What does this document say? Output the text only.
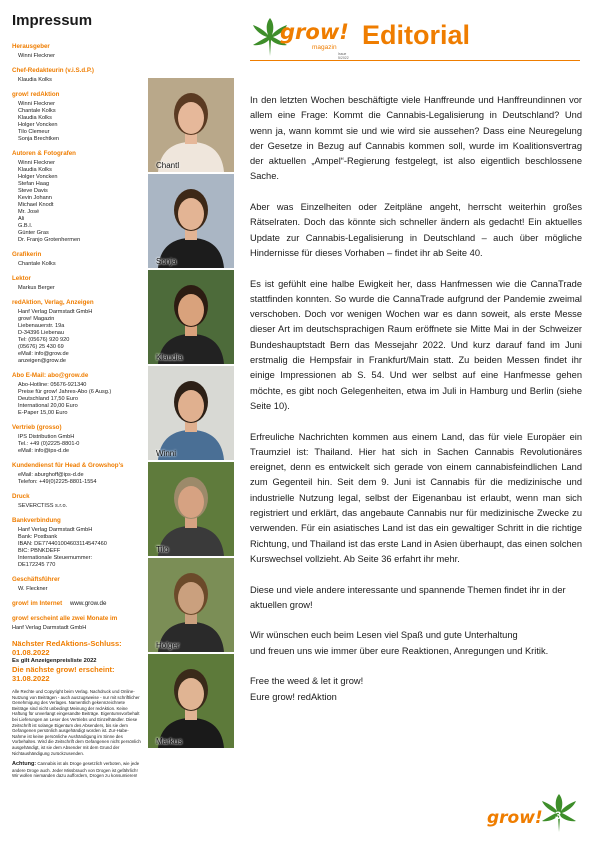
Impressum
Herausgeber
Winni Fleckner
Chef-Redakteurin (v.i.S.d.P.)
Klaudia Kolks
grow! redAktion
Winni Fleckner
Chantale Kolks
Klaudia Kolks
Holger Voncken
Tilo Clemeur
Sonja Brechtken
Autoren & Fotografen
Winni Fleckner
Klaudia Kolks
Holger Voncken
Stefan Haag
Steve Davis
Kevin Johann
Michael Knodt
Mr. José
Ali
G.B.I.
Günter Gras
Dr. Franjo Grotenhermen
Grafikerin
Chantale Kolks
Lektor
Markus Berger
redAktion, Verlag, Anzeigen
Hanf Verlag Darmstadt GmbH
grow! Magazin
Liebenauerstr. 19a
D-34396 Liebenau
Tel: (05676) 920 920
(05676) 25 430 69
eMail: info@grow.de
anzeigen@grow.de
Abo E-Mail: abo@grow.de
Abo-Hotline: 05676-921340
Preise für grow! Jahres-Abo (6 Ausg.)
Deutschland 17,50 Euro
International 20,00 Euro
E-Paper 15,00 Euro
Vertrieb (grosso)
IPS Distribution GmbH
Tel.: +49 (0)2225-8801-0
eMail: info@ips-d.de
Kundendienst für Head & Growshop's
eMail: aburghoff@ips-d.de
Telefon: +49(0)2225-8801-1554
Druck
SEVERCTISS s.r.o.
Bankverbindung
Hanf Verlag Darmstadt GmbH
Bank: Postbank
IBAN: DE774401004603114547460
BIC: PBNKDEFF
Internationale Steuernummer:
DE172245 770
Geschäftsführer
W. Fleckner
grow! im Internet www.grow.de
grow! erscheint alle zwei Monate im
Hanf Verlag Darmstadt GmbH
Nächster RedAktions-Schluss:
01.08.2022
Es gilt Anzeigenpreisliste 2022
Die nächste grow! erscheint:
31.08.2022
Alle Rechte und Copyright beim Verlag. Nachdruck und Online-Nutzung von Beiträgen - auch auszugsweise - nur mit schriftlicher Genehmigung des Verlages. Namentlich gekennzeichnete Beiträge sind nicht unbedingt Meinung der redAktion. Keine Haftung für unverlangt eingesandte Beiträge. Eigentumsvorbehalt bei Lieferungen an Leser des Vertriebs und Einzelhändler. Diese Zeitschrift ist solange Eigentum des Absenders, bis sie dem Gefangenen persönlich ausgehändigt worden ist. Zur-Habe-Nahme ist keine persönliche Aushändigung im Sinne des Vorbehaltes. Wird die Zeitschrift dem Gefangenen nicht persönlich ausgehändigt, ist sie dem Absender mit dem Grund der Nichtaushändigung zurückzusenden.
Achtung: Cannabis ist als Droge gesetzlich verboten, wie jede andere Droge auch. Jeder Missbrauch von Drogen ist gefährlich! Wir wollen niemanden dazu auffordern, Drogen zu konsumieren!
Chantl
Sonja
Klaudia
Winni
Tilo
Holger
Markus
grow!
magazin
Issue 5/2022
Editorial

In den letzten Wochen beschäftigte viele Hanffreunde und Hanffreundinnen vor allem eine Frage: Kommt die Cannabis-Legalisierung in Deutschland? Und wenn ja, wann kommt sie und wie wird sie aussehen? Dass eine Neuregelung der Gesetze in Bezug auf Cannabis kommen soll, wurde im Koalitionsvertrag der aktuellen „Ampel“-Regierung festgelegt, ist also eigentlich beschlossene Sache.

Aber was Einzelheiten oder Zeitpläne angeht, herrscht weiterhin großes Rätselraten. Doch das könnte sich schneller ändern als gedacht! Ein aktuelles Update zur Cannabis-Legalisierung in Deutschland – auch über mögliche Hindernisse für dieses Vorhaben – findet ihr ab Seite 40.

Es ist gefühlt eine halbe Ewigkeit her, dass Hanfmessen wie die CannaTrade stattfinden konnten. So wurde die CannaTrade aufgrund der Pandemie zweimal verschoben. Doch vor wenigen Wochen war es dann soweit, als erste Messe dieser Art im deutschsprachigen Raum eröffnete sie Mitte Mai in der Schweizer Bundeshauptstadt Bern das Messejahr 2022. Und kurz darauf fand im Juni erstmalig die Hempsfair in Frankfurt/Main statt. Zu beiden Messen findet ihr einige Impressionen ab S. 54. Und wer selbst auf eine Hanfmesse gehen möchte, es gibt noch Gelegenheiten, etwa im Juli in Hamburg und Berlin (siehe Seite 10).

Erfreuliche Nachrichten kommen aus einem Land, das für viele Europäer ein Traumziel ist: Thailand. Hier hat sich in Sachen Cannabis Revolutionäres ereignet, denn es entwickelt sich gerade von einem cannabisfeindlichen Land zum Gegenteil hin. Seit dem 9. Juni ist Cannabis für die medizinische und industrielle Nutzung legal, selbst der Eigenanbau ist erlaubt, wenn man sich registriert und erklärt, das angebaute Cannabis nur für medizinische Zwecke zu verwenden. Für ein asiatisches Land ist das ein gewaltiger Schritt in die richtige Richtung, und Thailand ist das erste Land in Asien überhaupt, das einen solchen Kurswechsel vollzieht. Ab Seite 36 erfahrt ihr mehr.

Diese und viele andere interessante und spannende Themen findet ihr in der aktuellen grow!

Wir wünschen euch beim Lesen viel Spaß und gute Unterhaltung

und freuen uns wie immer über eure Reaktionen, Anregungen und Kritik.

Free the weed & let it grow!

Eure grow! redAktion

grow! 3
